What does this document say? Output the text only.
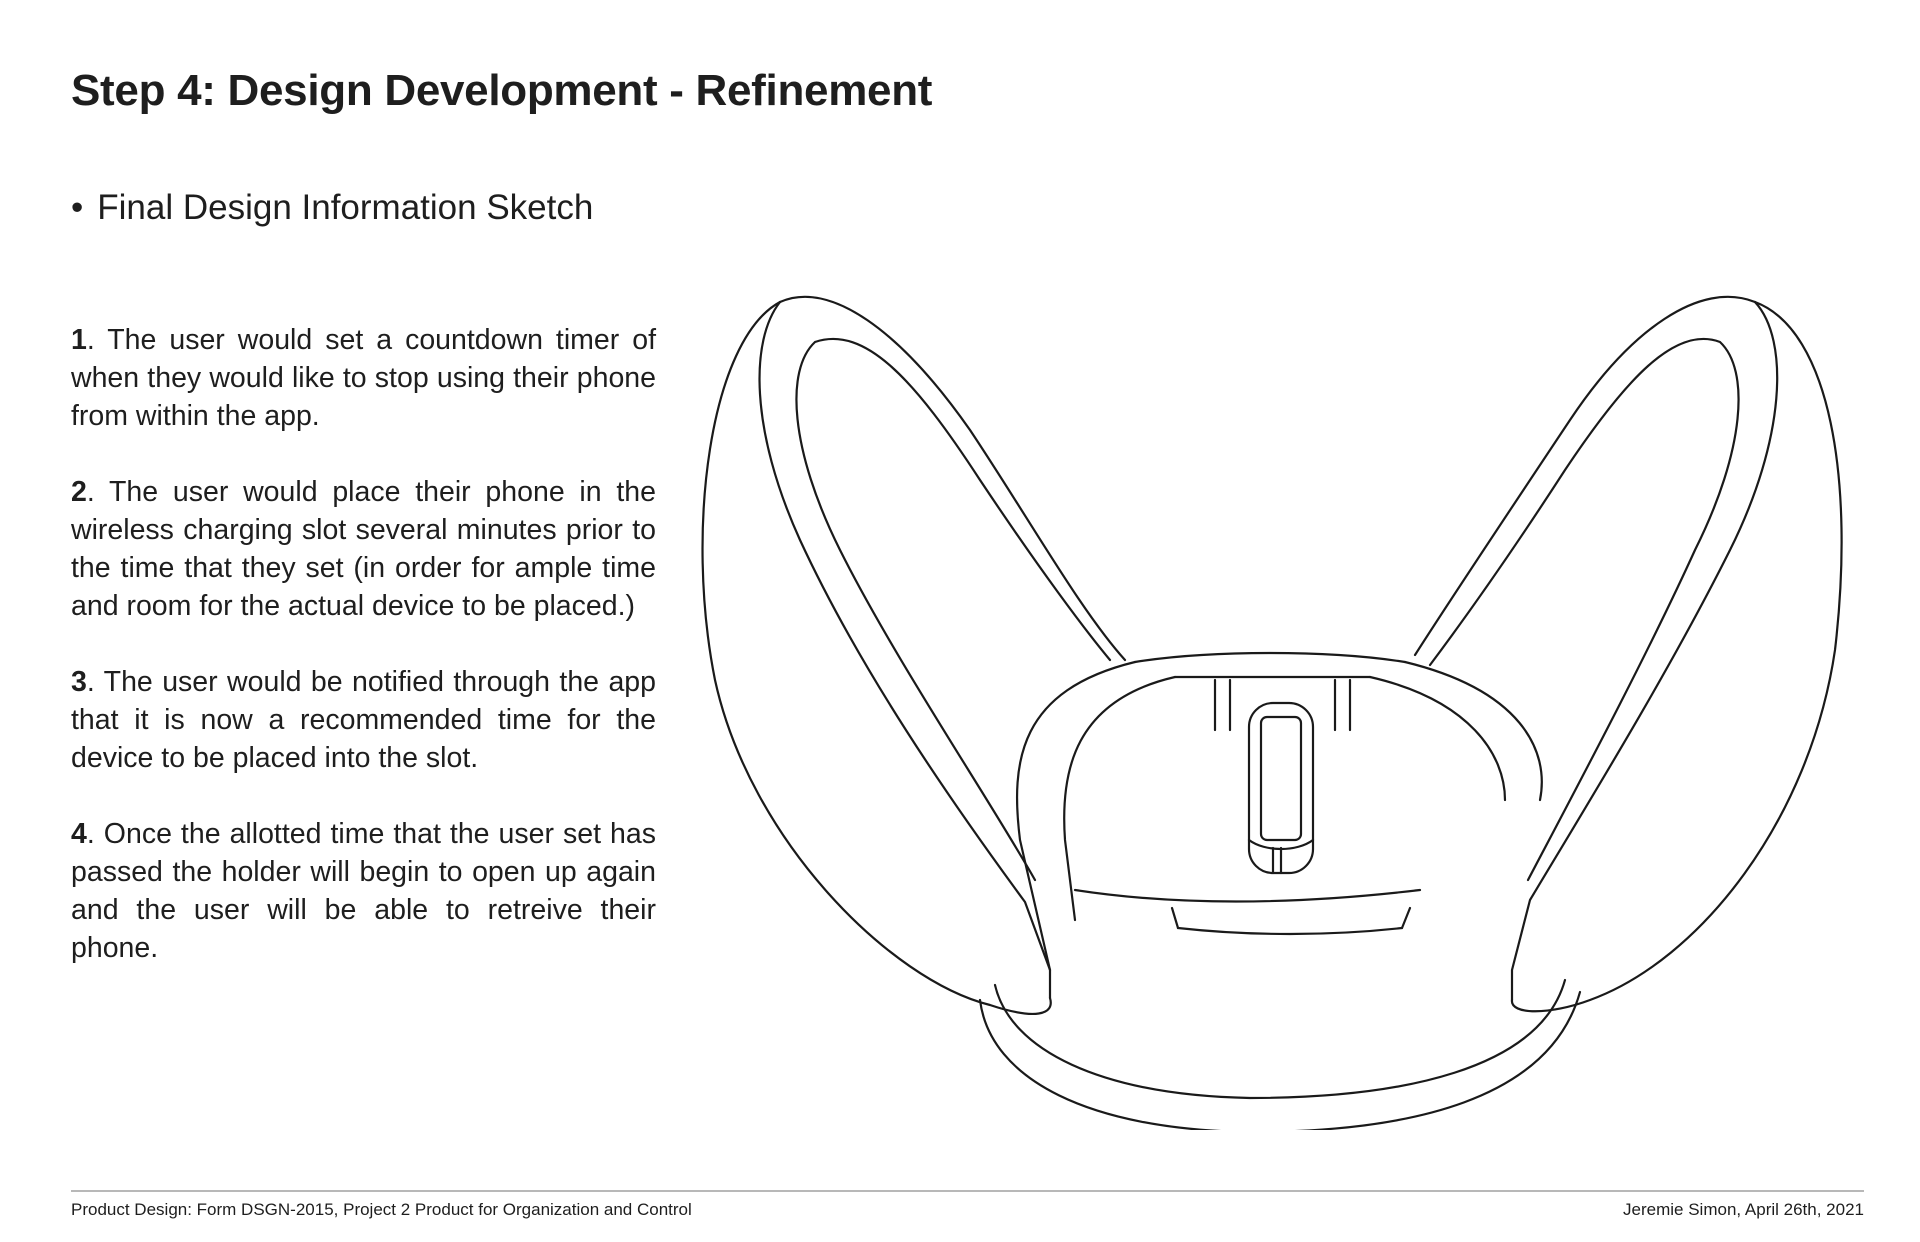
Step 4: Design Development - Refinement
• Final Design Information Sketch

1. The user would set a countdown timer of when they would like to stop using their phone from within the app.

2. The user would place their phone in the wireless charging slot several minutes prior to the time that they set (in order for ample time and room for the actual device to be placed.)

3. The user would be notified through the app that it is now a recommended time for the device to be placed into the slot.

4. Once the allotted time that the user set has passed the holder will begin to open up again and the user will be able to retreive their phone.

Product Design: Form DSGN-2015, Project 2 Product for Organization and Control	Jeremie Simon, April 26th, 2021
